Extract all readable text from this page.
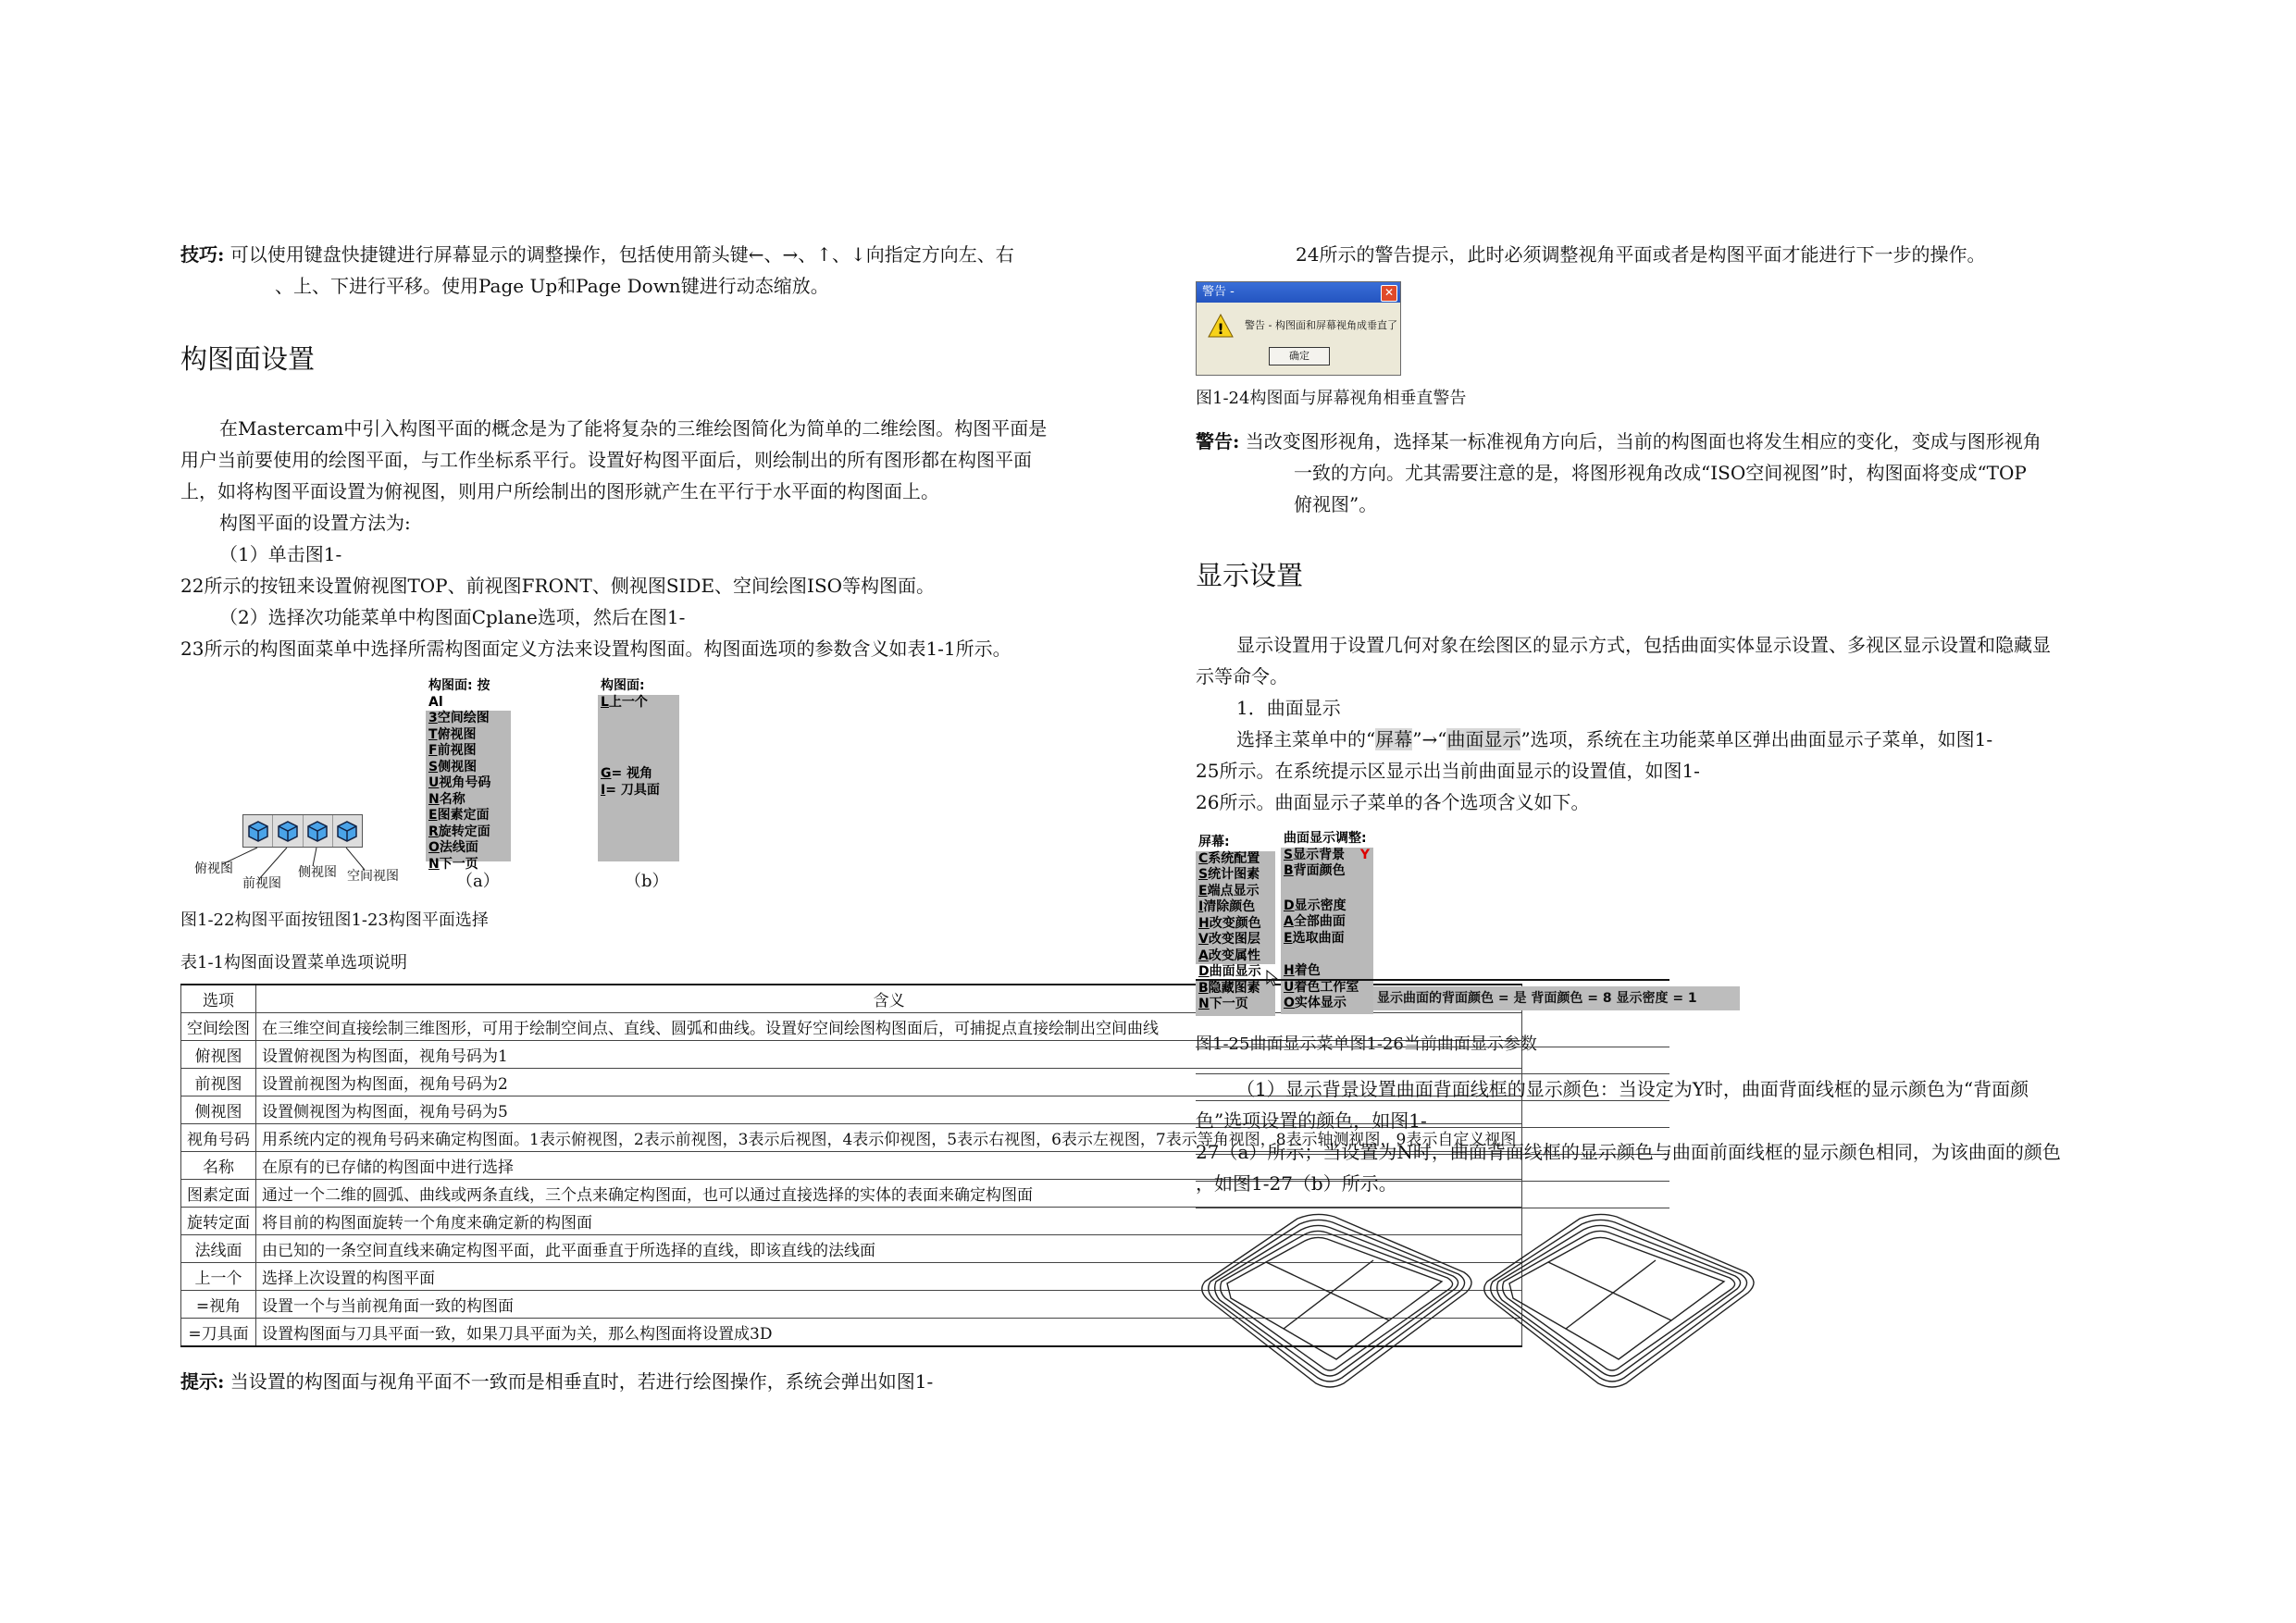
技巧: 可以使用键盘快捷键进行屏幕显示的调整操作，包括使用箭头键←、→、↑、↓向指定方向左、右
、上、下进行平移。使用Page Up和Page Down键进行动态缩放。
构图面设置
在Mastercam中引入构图平面的概念是为了能将复杂的三维绘图简化为简单的二维绘图。构图平面是
用户当前要使用的绘图平面，与工作坐标系平行。设置好构图平面后，则绘制出的所有图形都在构图平面
上，如将构图平面设置为俯视图，则用户所绘制出的图形就产生在平行于水平面的构图面上。
构图平面的设置方法为:
（1）单击图1-
22所示的按钮来设置俯视图TOP、前视图FRONT、侧视图SIDE、空间绘图ISO等构图面。
（2）选择次功能菜单中构图面Cplane选项，然后在图1-
23所示的构图面菜单中选择所需构图面定义方法来设置构图面。构图面选项的参数含义如表1-1所示。
俯视图
前视图
侧视图 空间视图
构图面: 按 Al
3空间绘图
T俯视图
F前视图
S侧视图
U视角号码
N名称
E图素定面
R旋转定面
O法线面
N下一页
（a）
构图面:
L上一个
G= 视角
I= 刀具面
（b）
图1-22构图平面按钮图1-23构图平面选择
表1-1构图面设置菜单选项说明
选项	含义
空间绘图	在三维空间直接绘制三维图形，可用于绘制空间点、直线、圆弧和曲线。设置好空间绘图构图面后，可捕捉点直接绘制出空间曲线
俯视图	设置俯视图为构图面，视角号码为1
前视图	设置前视图为构图面，视角号码为2
侧视图	设置侧视图为构图面，视角号码为5
视角号码	用系统内定的视角号码来确定构图面。1表示俯视图，2表示前视图，3表示后视图，4表示仰视图，5表示右视图，6表示左视图，7表示等角视图，8表示轴测视图，9表示自定义视图
名称	在原有的已存储的构图面中进行选择
图素定面	通过一个二维的圆弧、曲线或两条直线，三个点来确定构图面，也可以通过直接选择的实体的表面来确定构图面
旋转定面	将目前的构图面旋转一个角度来确定新的构图面
法线面	由已知的一条空间直线来确定构图平面，此平面垂直于所选择的直线，即该直线的法线面
上一个	选择上次设置的构图平面
=视角	设置一个与当前视角面一致的构图面
=刀具面	设置构图面与刀具平面一致，如果刀具平面为关，那么构图面将设置成3D
提示: 当设置的构图面与视角平面不一致而是相垂直时，若进行绘图操作，系统会弹出如图1-
24所示的警告提示，此时必须调整视角平面或者是构图平面才能进行下一步的操作。
警告 -	✕
! 警告 - 构图面和屏幕视角成垂直了
确定
图1-24构图面与屏幕视角相垂直警告
警告: 当改变图形视角，选择某一标准视角方向后，当前的构图面也将发生相应的变化，变成与图形视角
一致的方向。尤其需要注意的是，将图形视角改成“ISO空间视图”时，构图面将变成“TOP
俯视图”。
显示设置
显示设置用于设置几何对象在绘图区的显示方式，包括曲面实体显示设置、多视区显示设置和隐藏显
示等命令。
1．曲面显示
选择主菜单中的“屏幕”→“曲面显示”选项，系统在主功能菜单区弹出曲面显示子菜单，如图1-
25所示。在系统提示区显示出当前曲面显示的设置值，如图1-
26所示。曲面显示子菜单的各个选项含义如下。
屏幕:
C系统配置
S统计图素
E端点显示
I清除颜色
H改变颜色
V改变图层
A改变属性
D曲面显示
B隐藏图素
N下一页
曲面显示调整:
S显示背景
B背面颜色
Y
D显示密度
A全部曲面
E选取曲面
H着色
U着色工作室
O实体显示	显示曲面的背面颜色 = 是 背面颜色 = 8 显示密度 = 1
图1-25曲面显示菜单图1-26当前曲面显示参数
（1）显示背景设置曲面背面线框的显示颜色：当设定为Y时，曲面背面线框的显示颜色为“背面颜
色”选项设置的颜色，如图1-
27（a）所示；当设置为N时，曲面背面线框的显示颜色与曲面前面线框的显示颜色相同，为该曲面的颜色
，如图1-27（b）所示。
